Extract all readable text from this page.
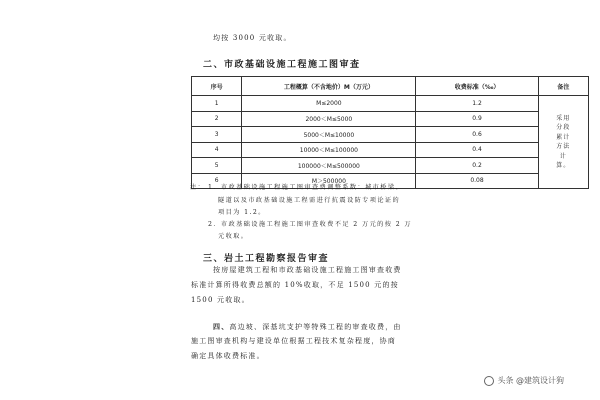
均按 3000 元收取。
二、市政基础设施工程施工图审查
序号	工程概算（不含地价）M（万元）	收费标准（‰）	备注
1	M≤2000	1.2	采用分段累计方法计算。

2	2000＜M≤5000	0.9	
3	5000＜M≤10000	0.6	
4	10000＜M≤100000	0.4	
5	100000＜M≤500000	0.2	
6	M＞500000	0.08	
注： 1．市政基础设施工程施工图审查费调整系数：城市桥梁、
隧道以及市政基础设施工程需进行抗震设防专项论证的
项目为 1.2。
2．市政基础设施工程施工图审查收费不足 2 万元的按 2 万
元收取。
三、岩土工程勘察报告审查
按房屋建筑工程和市政基础设施工程施工图审查收费
标准计算所得收费总额的 10%收取，不足 1500 元的按
1500 元收取。
四、高边坡、深基坑支护等特殊工程的审查收费，由
施工图审查机构与建设单位根据工程技术复杂程度，协商
确定具体收费标准。
头条 @建筑设计狗
